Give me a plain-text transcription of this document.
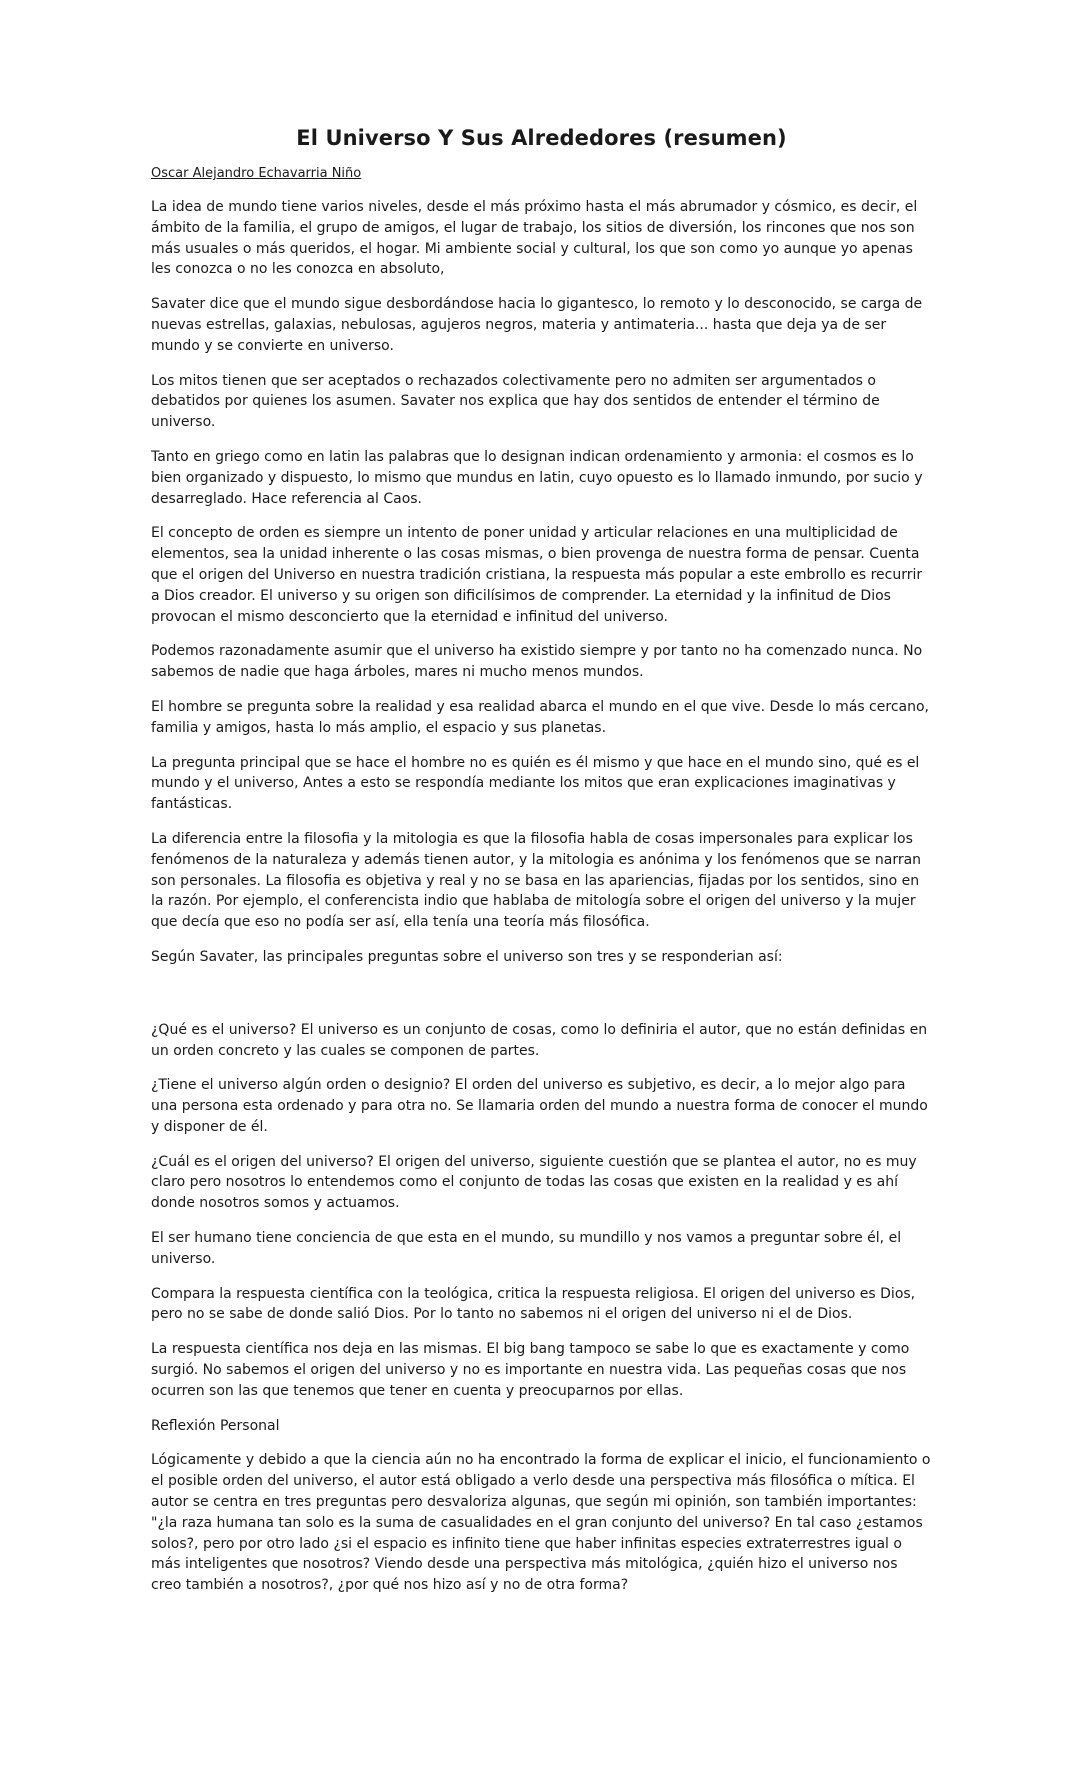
El Universo Y Sus Alrededores (resumen)
Oscar Alejandro Echavarria Niño

La idea de mundo tiene varios niveles, desde el más próximo hasta el más abrumador y cósmico, es decir, el ámbito de la familia, el grupo de amigos, el lugar de trabajo, los sitios de diversión, los rincones que nos son más usuales o más queridos, el hogar. Mi ambiente social y cultural, los que son como yo aunque yo apenas les conozca o no les conozca en absoluto,

Savater dice que el mundo sigue desbordándose hacia lo gigantesco, lo remoto y lo desconocido, se carga de nuevas estrellas, galaxias, nebulosas, agujeros negros, materia y antimateria... hasta que deja ya de ser mundo y se convierte en universo.

Los mitos tienen que ser aceptados o rechazados colectivamente pero no admiten ser argumentados o debatidos por quienes los asumen. Savater nos explica que hay dos sentidos de entender el término de universo.

Tanto en griego como en latin las palabras que lo designan indican ordenamiento y armonia: el cosmos es lo bien organizado y dispuesto, lo mismo que mundus en latin, cuyo opuesto es lo llamado inmundo, por sucio y desarreglado. Hace referencia al Caos.

El concepto de orden es siempre un intento de poner unidad y articular relaciones en una multiplicidad de elementos, sea la unidad inherente o las cosas mismas, o bien provenga de nuestra forma de pensar. Cuenta que el origen del Universo en nuestra tradición cristiana, la respuesta más popular a este embrollo es recurrir a Dios creador. El universo y su origen son dificilísimos de comprender. La eternidad y la infinitud de Dios provocan el mismo desconcierto que la eternidad e infinitud del universo.

Podemos razonadamente asumir que el universo ha existido siempre y por tanto no ha comenzado nunca. No sabemos de nadie que haga árboles, mares ni mucho menos mundos.

El hombre se pregunta sobre la realidad y esa realidad abarca el mundo en el que vive. Desde lo más cercano, familia y amigos, hasta lo más amplio, el espacio y sus planetas.

La pregunta principal que se hace el hombre no es quién es él mismo y que hace en el mundo sino, qué es el mundo y el universo, Antes a esto se respondía mediante los mitos que eran explicaciones imaginativas y fantásticas.

La diferencia entre la filosofia y la mitologia es que la filosofia habla de cosas impersonales para explicar los fenómenos de la naturaleza y además tienen autor, y la mitologia es anónima y los fenómenos que se narran son personales. La filosofia es objetiva y real y no se basa en las apariencias, fijadas por los sentidos, sino en la razón. Por ejemplo, el conferencista indio que hablaba de mitología sobre el origen del universo y la mujer que decía que eso no podía ser así, ella tenía una teoría más filosófica.

Según Savater, las principales preguntas sobre el universo son tres y se responderian así:

¿Qué es el universo? El universo es un conjunto de cosas, como lo definiria el autor, que no están definidas en un orden concreto y las cuales se componen de partes.

¿Tiene el universo algún orden o designio? El orden del universo es subjetivo, es decir, a lo mejor algo para una persona esta ordenado y para otra no. Se llamaria orden del mundo a nuestra forma de conocer el mundo y disponer de él.

¿Cuál es el origen del universo? El origen del universo, siguiente cuestión que se plantea el autor, no es muy claro pero nosotros lo entendemos como el conjunto de todas las cosas que existen en la realidad y es ahí donde nosotros somos y actuamos.

El ser humano tiene conciencia de que esta en el mundo, su mundillo y nos vamos a preguntar sobre él, el universo.

Compara la respuesta científica con la teológica, critica la respuesta religiosa. El origen del universo es Dios, pero no se sabe de donde salió Dios. Por lo tanto no sabemos ni el origen del universo ni el de Dios.

La respuesta científica nos deja en las mismas. El big bang tampoco se sabe lo que es exactamente y como surgió. No sabemos el origen del universo y no es importante en nuestra vida. Las pequeñas cosas que nos ocurren son las que tenemos que tener en cuenta y preocuparnos por ellas.

Reflexión Personal

Lógicamente y debido a que la ciencia aún no ha encontrado la forma de explicar el inicio, el funcionamiento o el posible orden del universo, el autor está obligado a verlo desde una perspectiva más filosófica o mítica. El autor se centra en tres preguntas pero desvaloriza algunas, que según mi opinión, son también importantes: "¿la raza humana tan solo es la suma de casualidades en el gran conjunto del universo? En tal caso ¿estamos solos?, pero por otro lado ¿si el espacio es infinito tiene que haber infinitas especies extraterrestres igual o más inteligentes que nosotros? Viendo desde una perspectiva más mitológica, ¿quién hizo el universo nos creo también a nosotros?, ¿por qué nos hizo así y no de otra forma?
